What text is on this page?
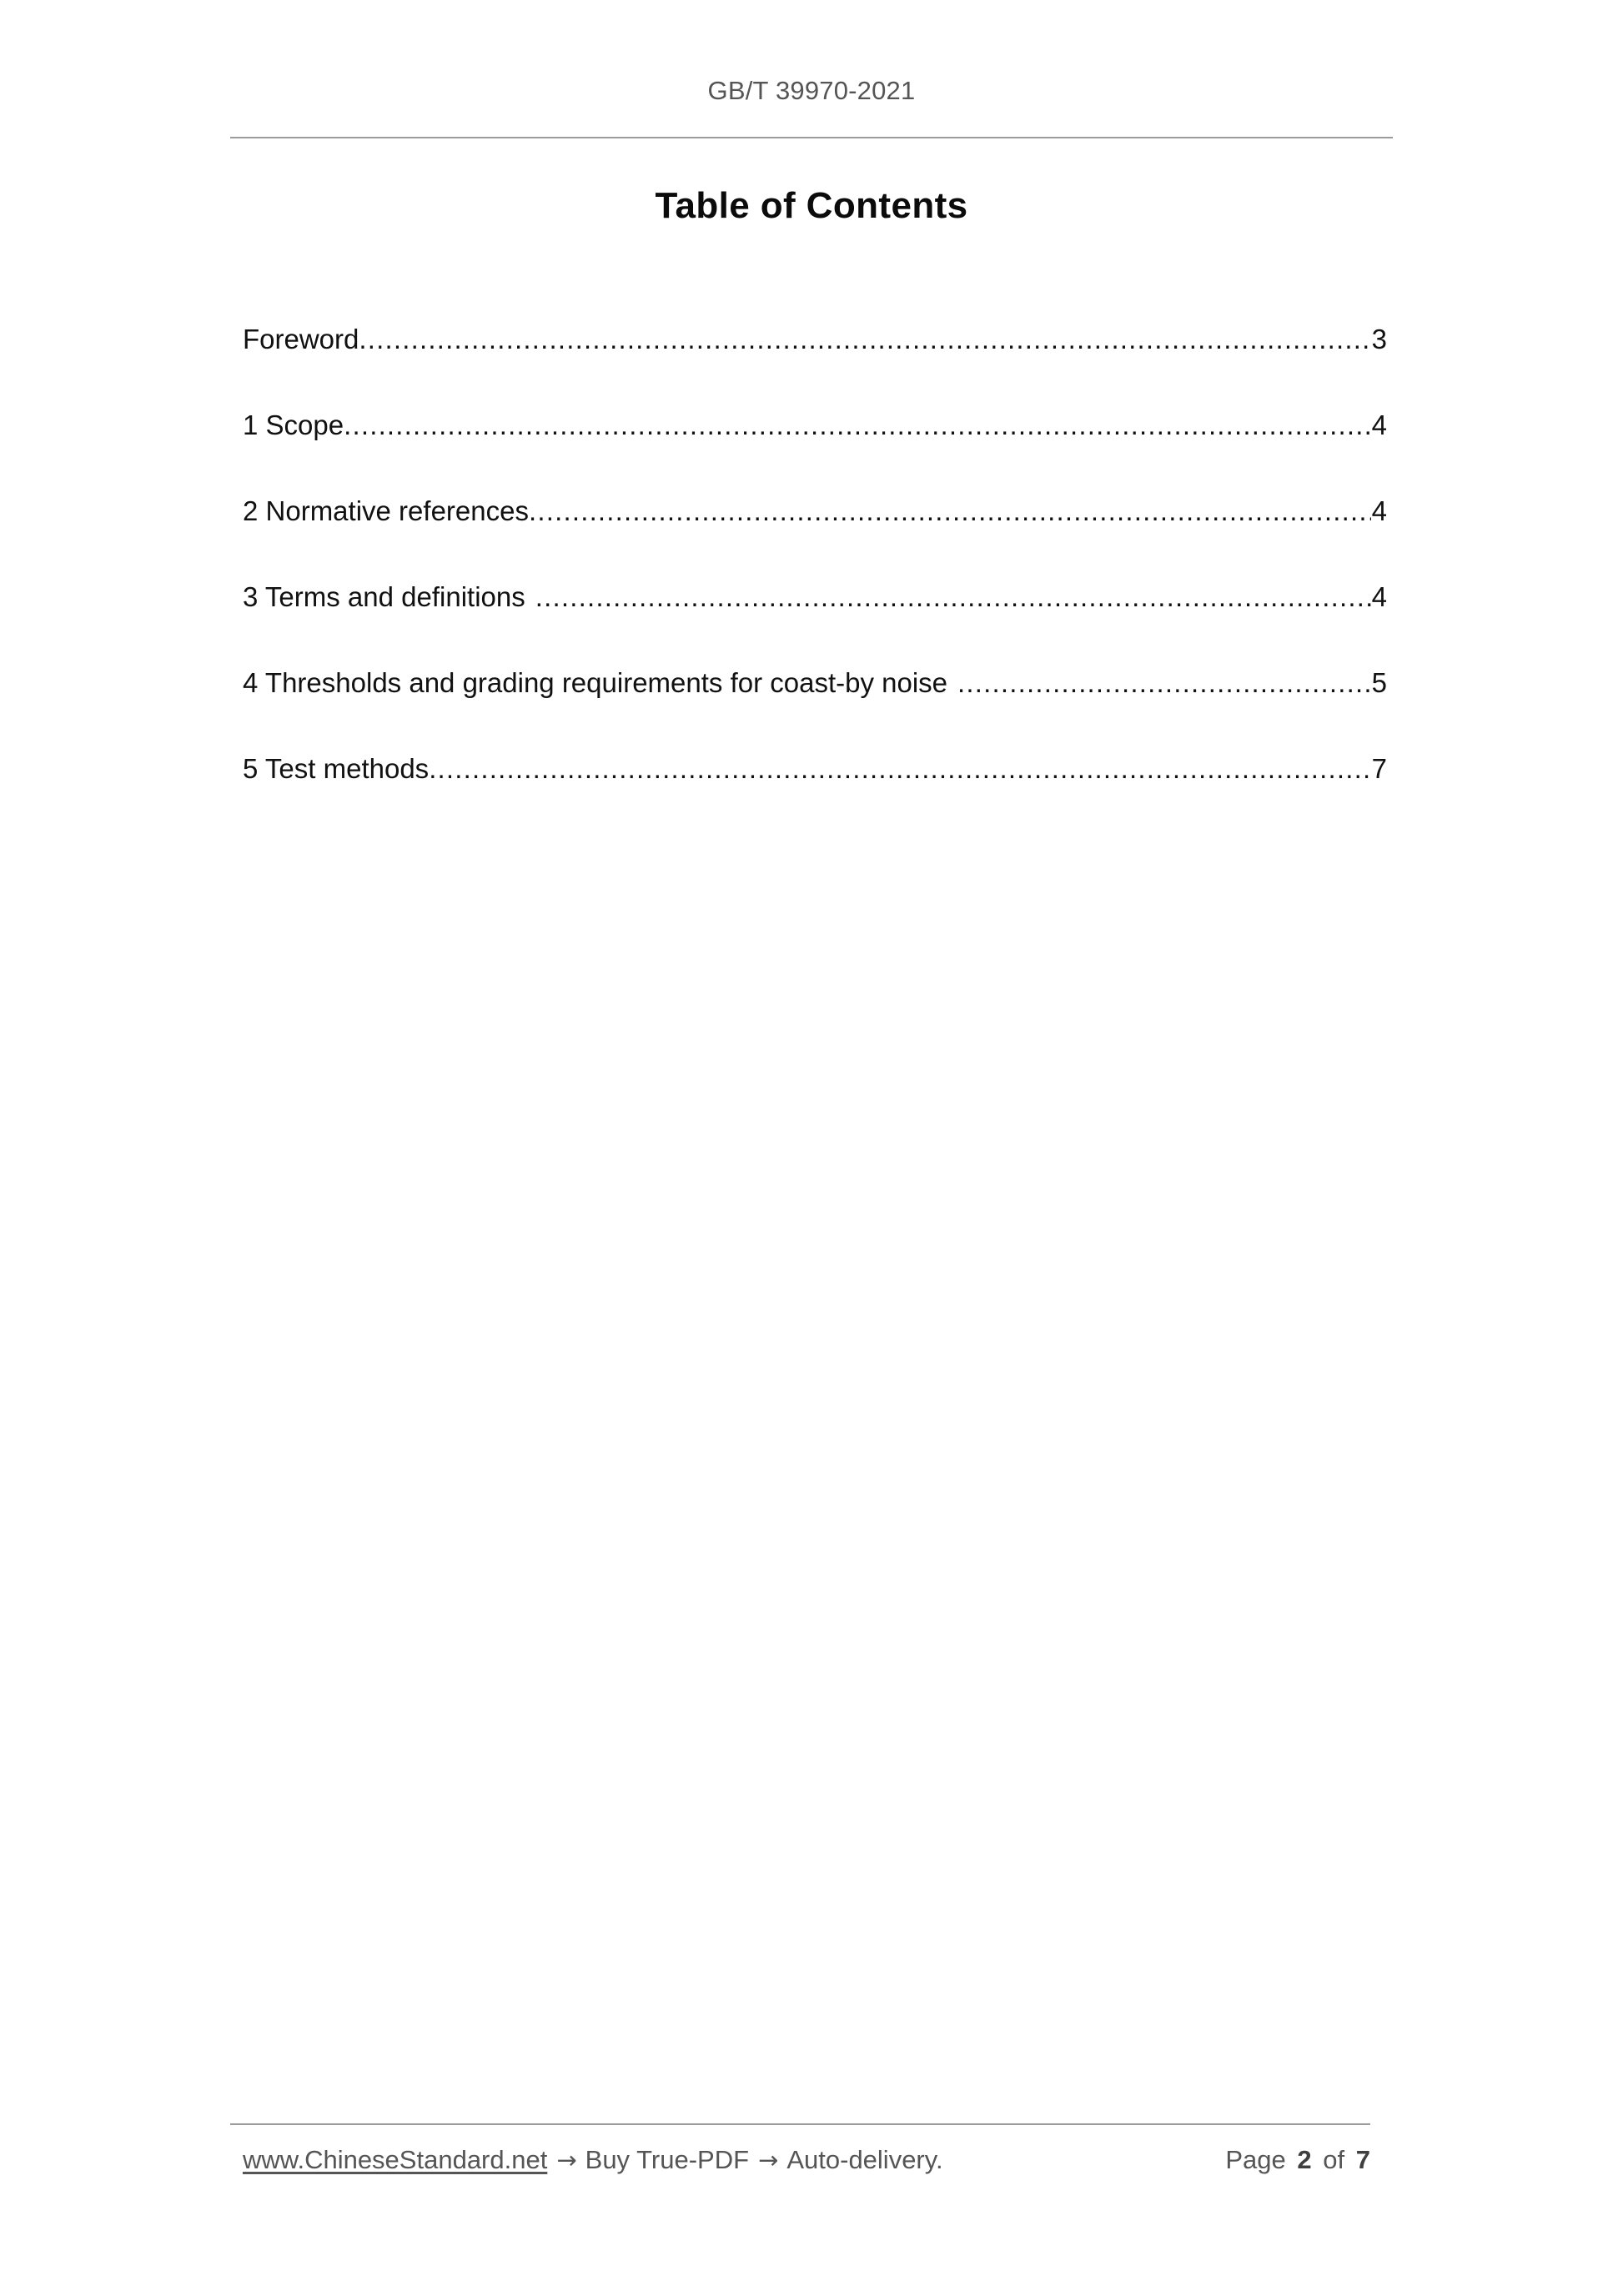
GB/T 39970-2021
Table of Contents
Foreword .....	3
1 Scope .....	4
2 Normative references .....	4
3 Terms and definitions .....	4
4 Thresholds and grading requirements for coast-by noise .....	5
5 Test methods .....	7
www.ChineseStandard.net → Buy True-PDF → Auto-delivery.	Page 2 of 7
